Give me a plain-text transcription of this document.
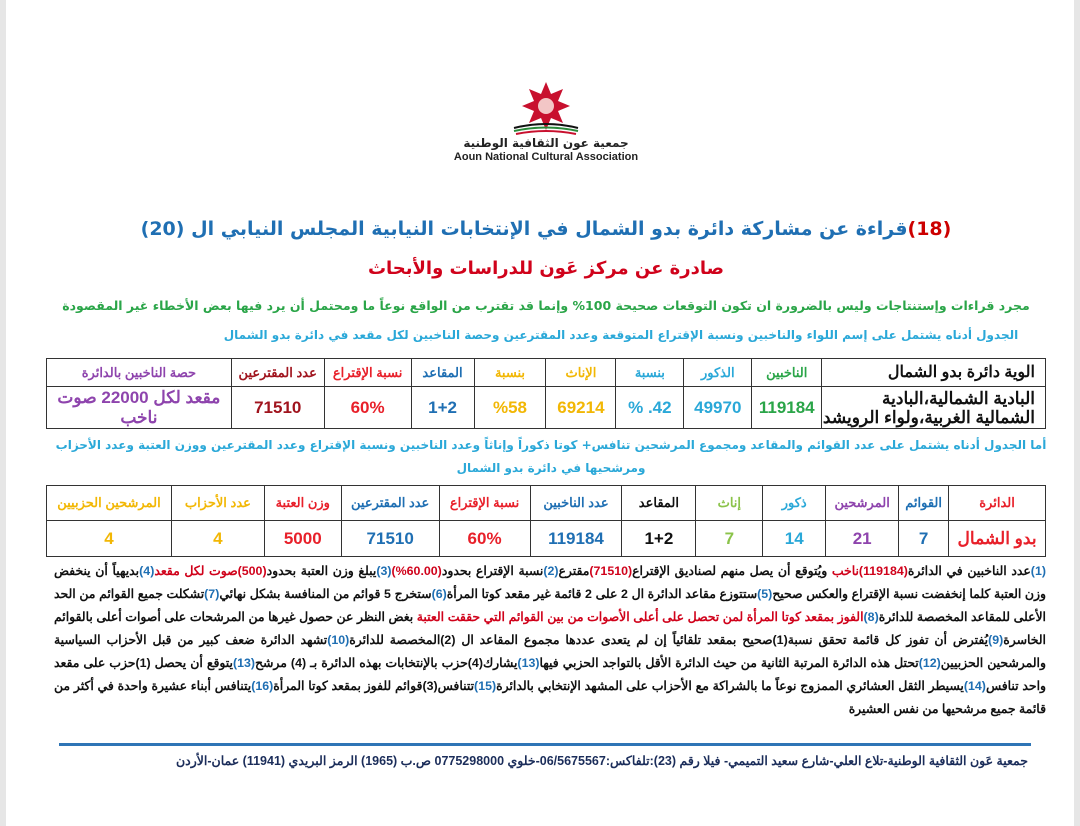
جمعية عون الثقافية الوطنية
Aoun National Cultural Association
(18)قراءة عن مشاركة دائرة بدو الشمال في الإنتخابات النيابية المجلس النيابي ال (20)
صادرة عن مركز عَون للدراسات والأبحاث
مجرد قراءات وإستنتاجات وليس بالضرورة ان تكون التوقعات صحيحة 100% وإنما قد تقترب من الواقع نوعاً ما ومحتمل أن يرد فيها بعض الأخطاء غير المقصودة
الجدول أدناه يشتمل على إسم اللواء والناخبين ونسبة الإقتراع المتوقعة وعدد المقترعين وحصة الناخبين لكل مقعد في دائرة بدو الشمال
الوية دائرة بدو الشمال	الناخبين	الذكور	بنسبة	الإناث	بنسبة	المقاعد	نسبة الإقتراع	عدد المقترعين	حصة الناخبين بالدائرة
البادية الشمالية،البادية الشمالية الغربية،ولواء الرويشد	119184	49970	42. %	69214	%58	1+2	60%	71510	مقعد لكل 22000 صوت ناخب
أما الجدول أدناه يشتمل على عدد القوائم والمقاعد ومجموع المرشحين تنافس+ كوتا ذكوراً وإناثاً وعدد الناخبين ونسبة الإقتراع وعدد المقترعين ووزن العتبة وعدد الأحزاب ومرشحيها في دائرة بدو الشمال
الدائرة	القوائم	المرشحين	ذكور	إناث	المقاعد	عدد الناخبين	نسبة الإقتراع	عدد المقترعين	وزن العتبة	عدد الأحزاب	المرشحين الحزبيين
بدو الشمال	7	21	14	7	1+2	119184	60%	71510	5000	4	4
(1)عدد الناخبين في الدائرة(119184)ناخب ويُتوقع أن يصل منهم لصناديق الإقتراع(71510)مقترع(2)نسبة الإقتراع بحدود(60.00%)(3)يبلغ وزن العتبة بحدود(500)صوت لكل مقعد(4)بديهياً أن ينخفض وزن العتبة كلما إنخفضت نسبة الإقتراع والعكس صحيح(5)ستتوزع مقاعد الدائرة ال 2 على 2 قائمة غير مقعد كوتا المرأة(6)ستخرج 5 قوائم من المنافسة بشكل نهائي(7)تشكلت جميع القوائم من الحد الأعلى للمقاعد المخصصة للدائرة(8)الفوز بمقعد كوتا المرأة لمن تحصل على أعلى الأصوات من بين القوائم التي حققت العتبة بغض النظر عن حصول غيرها من المرشحات على أصوات أعلى بالقوائم الخاسرة(9)يُفترض أن تفوز كل قائمة تحقق نسبة(1)صحيح بمقعد تلقائياً إن لم يتعدى عددها مجموع المقاعد ال (2)المخصصة للدائرة(10)تشهد الدائرة ضعف كبير من قبل الأحزاب السياسية والمرشحين الحزبيين(12)تحتل هذه الدائرة المرتبة الثانية من حيث الدائرة الأقل بالتواجد الحزبي فيها(13)يشارك(4)حزب بالإنتخابات بهذه الدائرة بـ (4) مرشح(13)يتوقع أن يحصل (1)حزب على مقعد واحد تنافس(14)يسيطر الثقل العشائري الممزوج نوعاً ما بالشراكة مع الأحزاب على المشهد الإنتخابي بالدائرة(15)تتنافس(3)قوائم للفوز بمقعد كوتا المرأة(16)يتنافس أبناء عشيرة واحدة في أكثر من قائمة جميع مرشحيها من نفس العشيرة
جمعية عَون الثقافية الوطنية-تلاع العلي-شارع سعيد التميمي- فيلا رقم (23):تلفاكس:06/5675567-خلوي 0775298000 ص.ب (1965) الرمز البريدي (11941) عمان-الأردن
